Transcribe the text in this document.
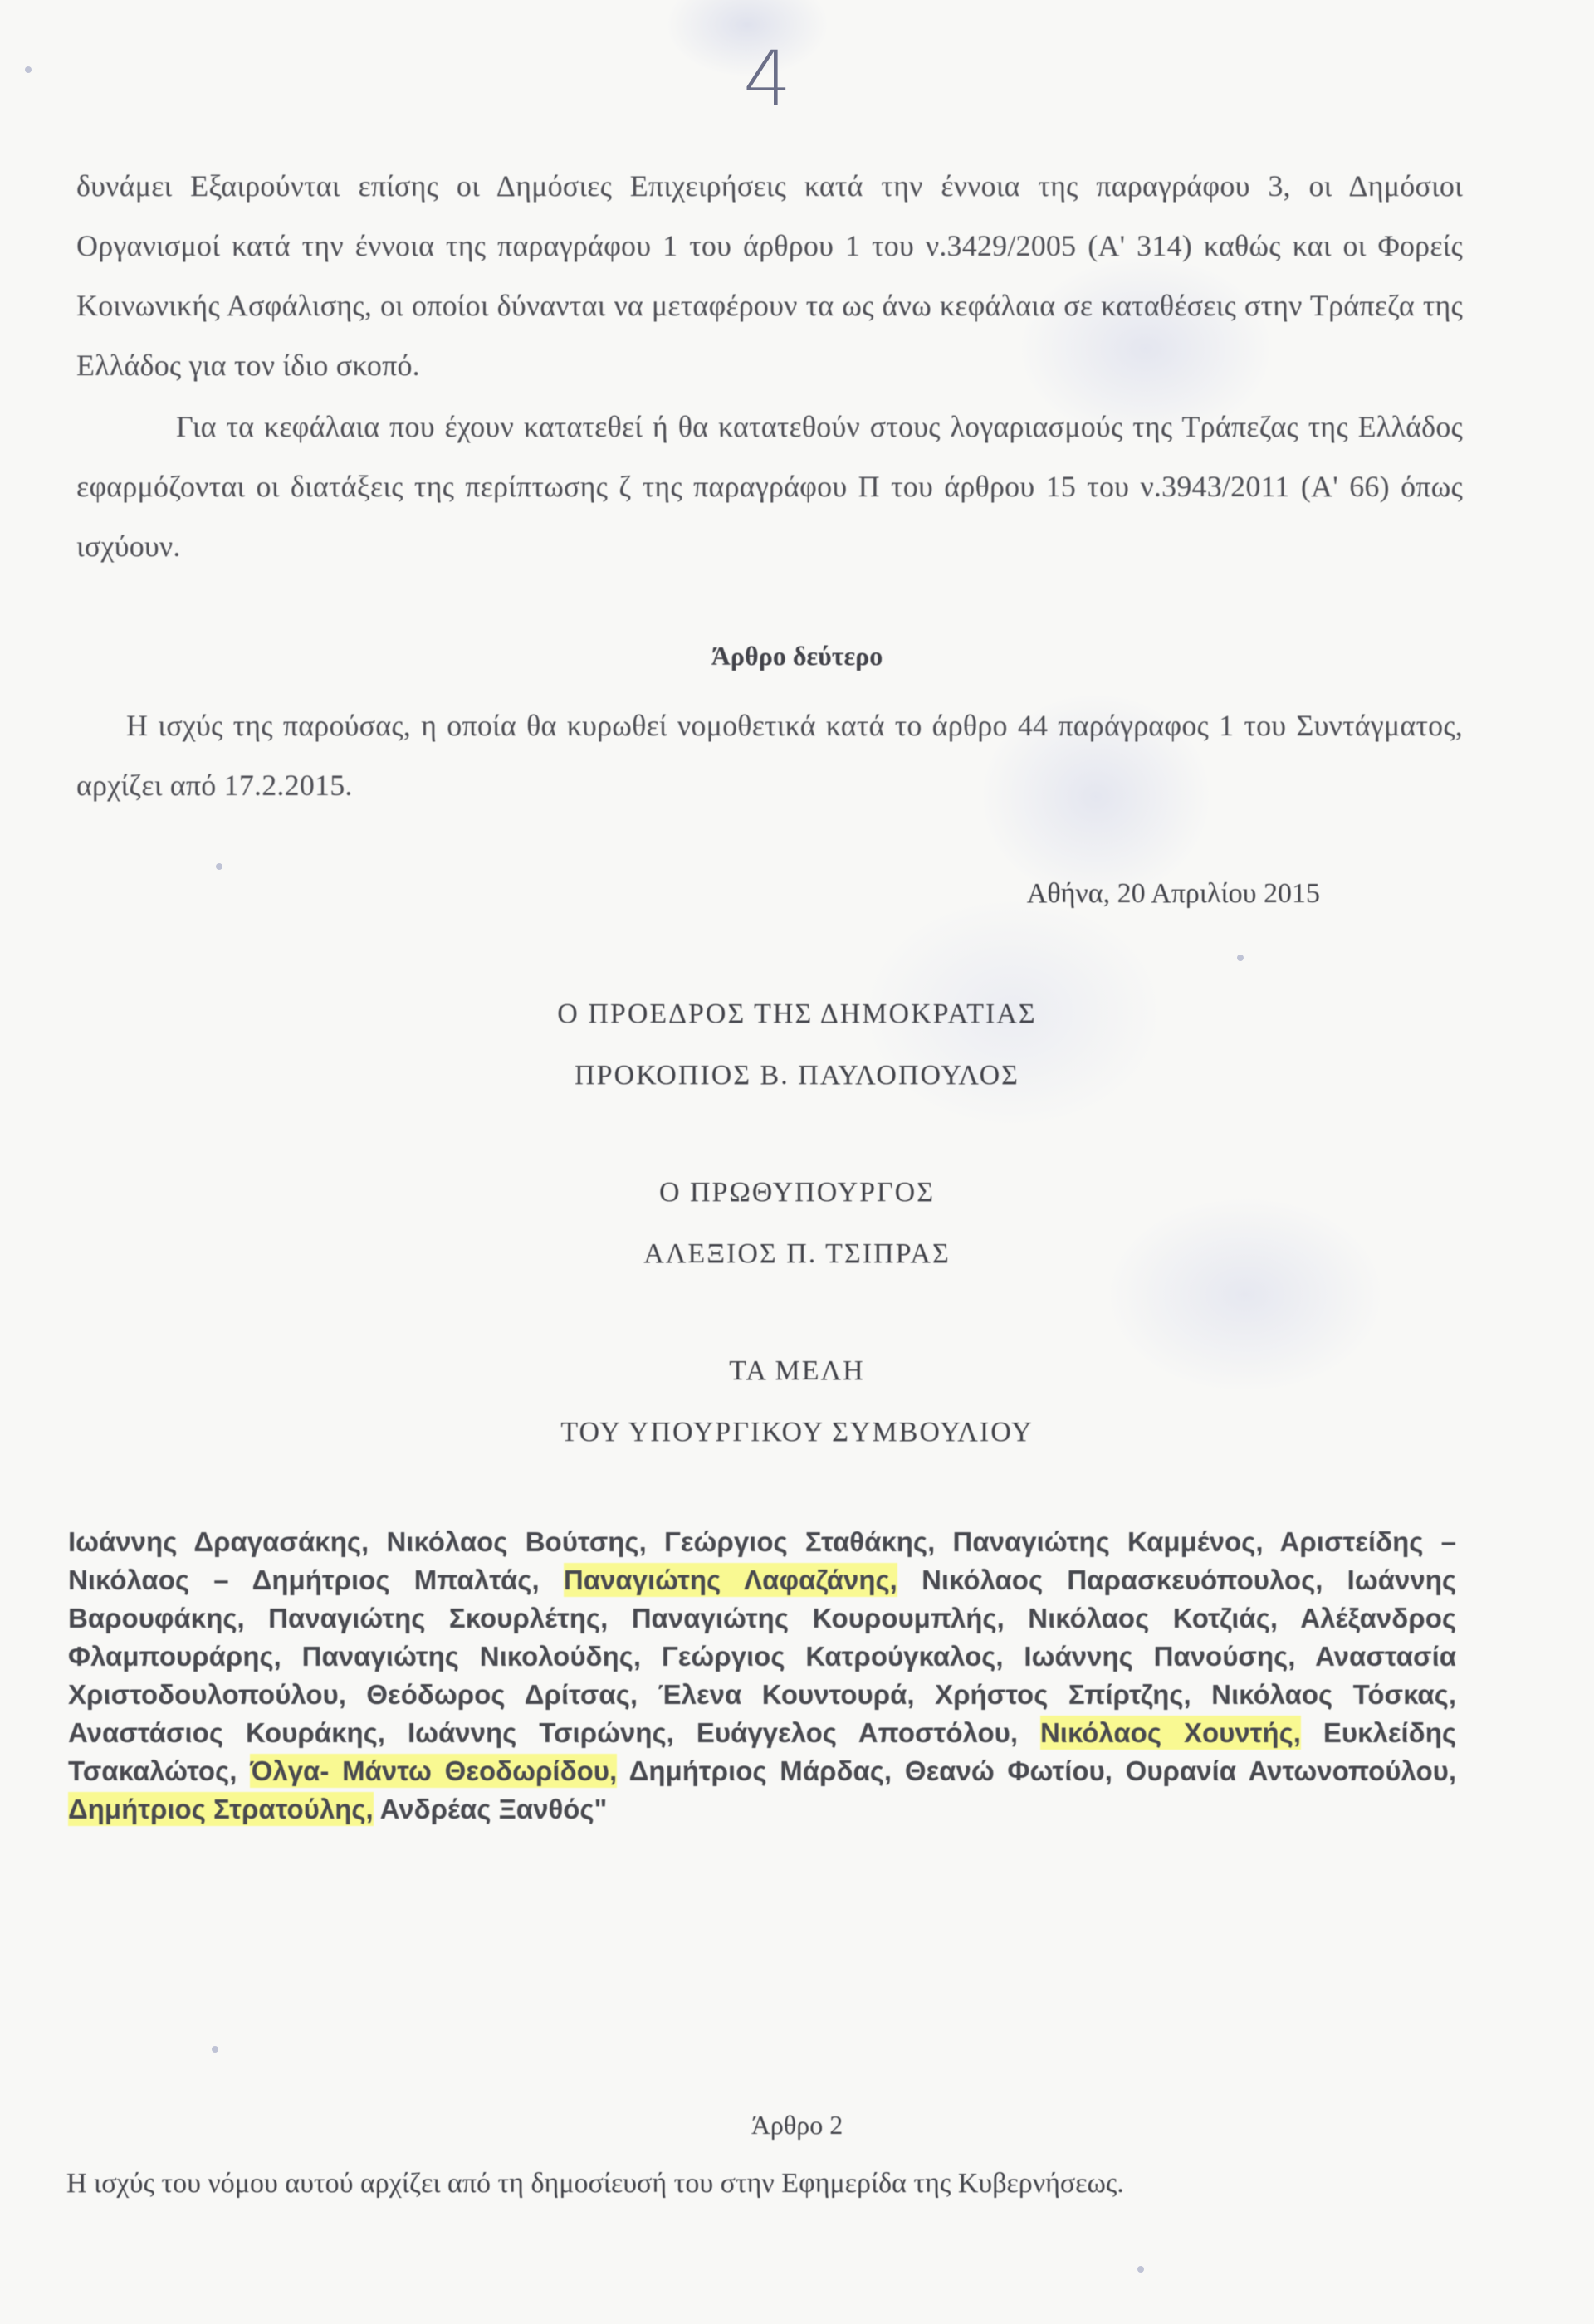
4
δυνάμει Εξαιρούνται επίσης οι Δημόσιες Επιχειρήσεις κατά την έννοια της παραγράφου 3, οι Δημόσιοι Οργανισμοί κατά την έννοια της παραγράφου 1 του άρθρου 1 του ν.3429/2005 (Α' 314) καθώς και οι Φορείς Κοινωνικής Ασφάλισης, οι οποίοι δύνανται να μεταφέρουν τα ως άνω κεφάλαια σε καταθέσεις στην Τράπεζα της Ελλάδος για τον ίδιο σκοπό.
Για τα κεφάλαια που έχουν κατατεθεί ή θα κατατεθούν στους λογαριασμούς της Τράπεζας της Ελλάδος εφαρμόζονται οι διατάξεις της περίπτωσης ζ της παραγράφου Π του άρθρου 15 του ν.3943/2011 (Α' 66) όπως ισχύουν.
Άρθρο δεύτερο
Η ισχύς της παρούσας, η οποία θα κυρωθεί νομοθετικά κατά το άρθρο 44 παράγραφος 1 του Συντάγματος, αρχίζει από 17.2.2015.
Αθήνα, 20 Απριλίου 2015
Ο ΠΡΟΕΔΡΟΣ ΤΗΣ ΔΗΜΟΚΡΑΤΙΑΣ
ΠΡΟΚΟΠΙΟΣ Β. ΠΑΥΛΟΠΟΥΛΟΣ
Ο ΠΡΩΘΥΠΟΥΡΓΟΣ
ΑΛΕΞΙΟΣ Π. ΤΣΙΠΡΑΣ
ΤΑ ΜΕΛΗ
ΤΟΥ ΥΠΟΥΡΓΙΚΟΥ ΣΥΜΒΟΥΛΙΟΥ
Ιωάννης Δραγασάκης, Νικόλαος Βούτσης, Γεώργιος Σταθάκης, Παναγιώτης Καμμένος, Αριστείδης – Νικόλαος – Δημήτριος Μπαλτάς, Παναγιώτης Λαφαζάνης, Νικόλαος Παρασκευόπουλος, Ιωάννης Βαρουφάκης, Παναγιώτης Σκουρλέτης, Παναγιώτης Κουρουμπλής, Νικόλαος Κοτζιάς, Αλέξανδρος Φλαμπουράρης, Παναγιώτης Νικολούδης, Γεώργιος Κατρούγκαλος, Ιωάννης Πανούσης, Αναστασία Χριστοδουλοπούλου, Θεόδωρος Δρίτσας, Έλενα Κουντουρά, Χρήστος Σπίρτζης, Νικόλαος Τόσκας, Αναστάσιος Κουράκης, Ιωάννης Τσιρώνης, Ευάγγελος Αποστόλου, Νικόλαος Χουντής, Ευκλείδης Τσακαλώτος, Όλγα- Μάντω Θεοδωρίδου, Δημήτριος Μάρδας, Θεανώ Φωτίου, Ουρανία Αντωνοπούλου, Δημήτριος Στρατούλης, Ανδρέας Ξανθός"
Άρθρο 2
Η ισχύς του νόμου αυτού αρχίζει από τη δημοσίευσή του στην Εφημερίδα της Κυβερνήσεως.
